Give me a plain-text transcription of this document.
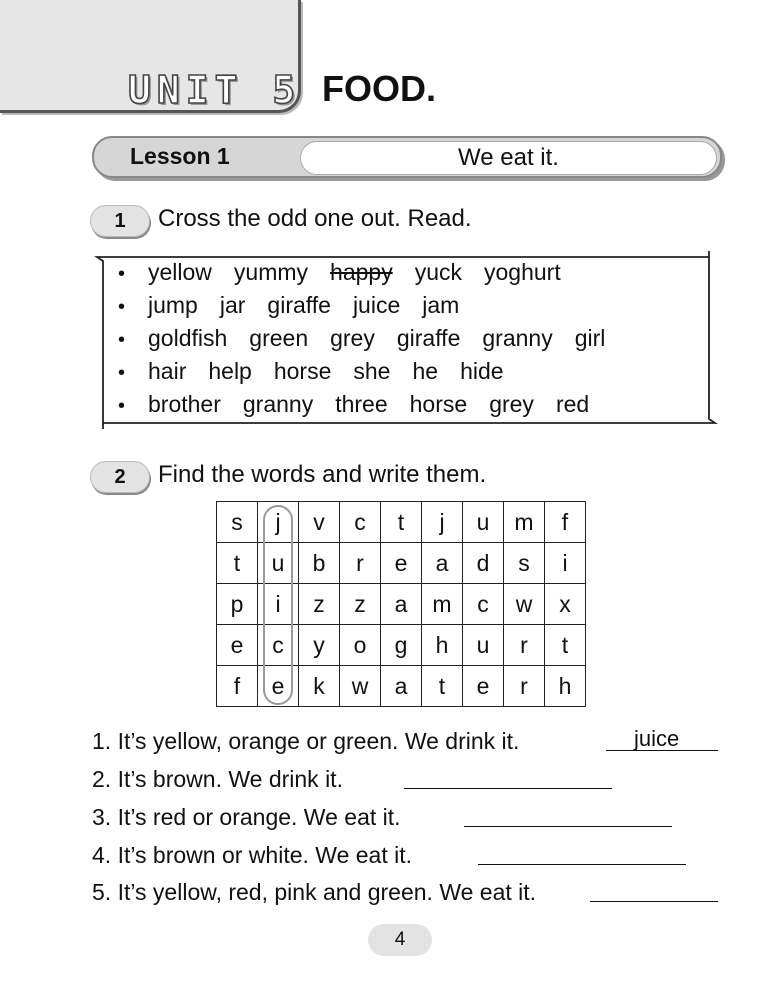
UNIT 5 FOOD.
Lesson 1	We eat it.
1	Cross the odd one out. Read.
• yellow yummy happy yuck yoghurt
• jump jar giraffe juice jam
• goldfish green grey giraffe granny girl
• hair help horse she he hide
• brother granny three horse grey red
2	Find the words and write them.
s	j	v	c	t	j	u	m	f
t	u	b	r	e	a	d	s	i
p	i	z	z	a	m	c	w	x
e	c	y	o	g	h	u	r	t
f	e	k	w	a	t	e	r	h
1. It’s yellow, orange or green. We drink it.	juice
2. It’s brown. We drink it.
3. It’s red or orange. We eat it.
4. It’s brown or white. We eat it.
5. It’s yellow, red, pink and green. We eat it.
4
